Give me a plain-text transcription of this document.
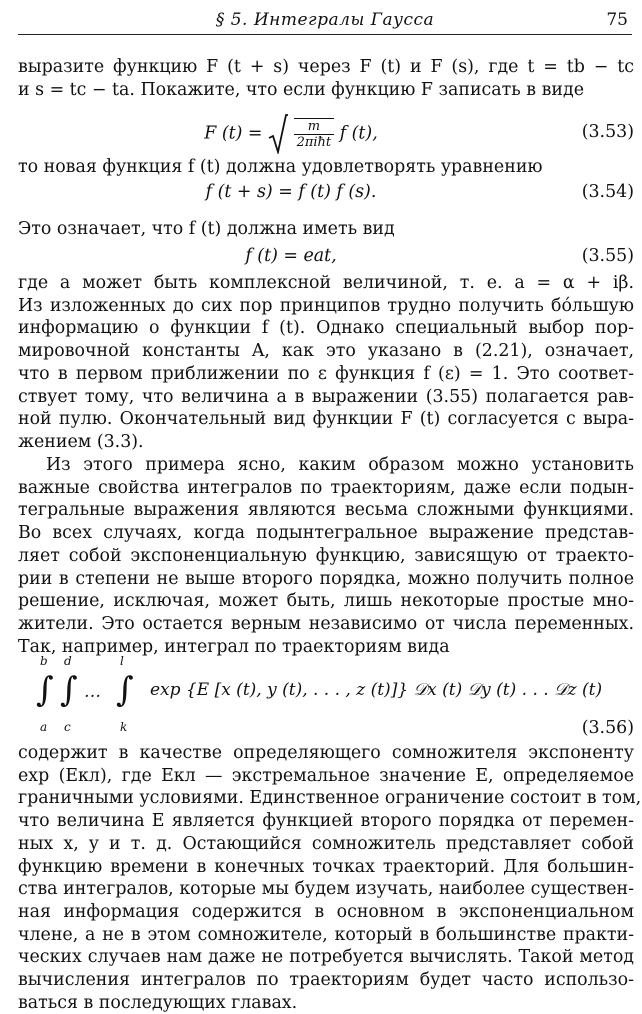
§ 5. Интегралы Гаусса	75
выразите функцию F (t + s) через F (t) и F (s), где t = tb − tc
и s = tc − ta. Покажите, что если функцию F записать в виде
F $(t) = \frac{m}{\text{2πiħt}}$ f (t),	(3.53)
то новая функция f (t) должна удовлетворять уравнению
f (t + s) = f (t) f (s).	(3.54)
Это означает, что f (t) должна иметь вид
f (t) = eat,	(3.55)
где a может быть комплексной величиной, т. е. a = α + iβ.
Из изложенных до сих пор принципов трудно получить бо́льшую
информацию о функции f (t). Однако специальный выбор пор-
мировочной константы A, как это указано в (2.21), означает,
что в первом приближении по ε функция f (ε) = 1. Это соответ-
ствует тому, что величина a в выражении (3.55) полагается рав-
ной пулю. Окончательный вид функции F (t) согласуется с выра-
жением (3.3).
Из этого примера ясно, каким образом можно установить
важные свойства интегралов по траекториям, даже если подын-
тегральные выражения являются весьма сложными функциями.
Во всех случаях, когда подынтегральное выражение представ-
ляет собой экспоненциальную функцию, зависящую от траекто-
рии в степени не выше второго порядка, можно получить полное
решение, исключая, может быть, лишь некоторые простые мно-
жители. Это остается верным независимо от числа переменных.
Так, например, интеграл по траекториям вида
b
∫
a
d
∫
c
…
l
∫
k
exp {E [x (t), y (t), . . . , z (t)]} 𝒟x (t) 𝒟y (t) . . . 𝒟z (t)
(3.56)
содержит в качестве определяющего сомножителя экспоненту
exp (Eкл), где Eкл — экстремальное значение E, определяемое
граничными условиями. Единственное ограничение состоит в том,
что величина E является функцией второго порядка от перемен-
ных x, y и т. д. Остающийся сомножитель представляет собой
функцию времени в конечных точках траекторий. Для большин-
ства интегралов, которые мы будем изучать, наиболее существен-
ная информация содержится в основном в экспоненциальном
члене, а не в этом сомножителе, который в большинстве практи-
ческих случаев нам даже не потребуется вычислять. Такой метод
вычисления интегралов по траекториям будет часто использо-
ваться в последующих главах.
